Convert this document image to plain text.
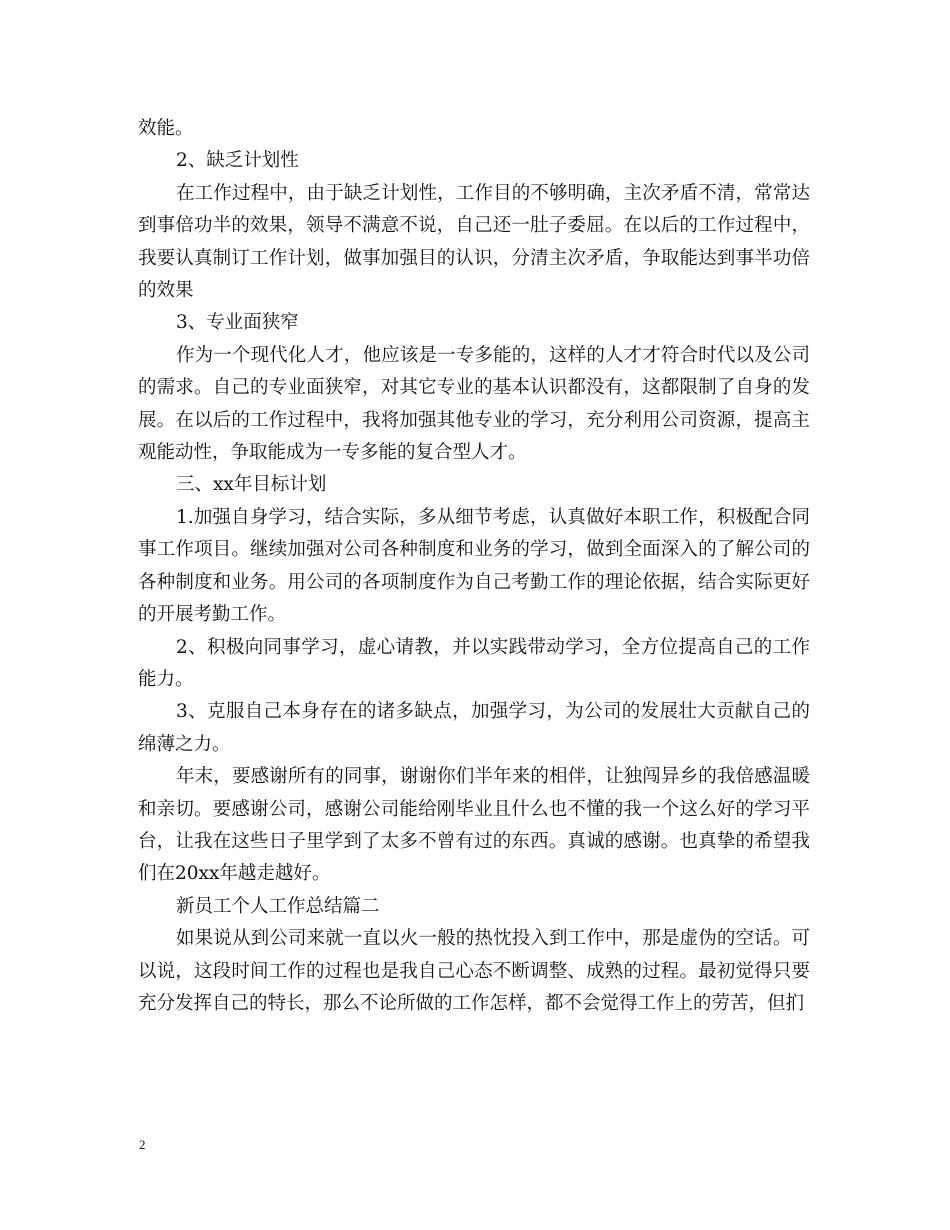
效能。

2、缺乏计划性

在工作过程中，由于缺乏计划性，工作目的不够明确，主次矛盾不清，常常达到事倍功半的效果，领导不满意不说，自己还一肚子委屈。在以后的工作过程中，我要认真制订工作计划，做事加强目的认识，分清主次矛盾，争取能达到事半功倍的效果

3、专业面狭窄

作为一个现代化人才，他应该是一专多能的，这样的人才才符合时代以及公司的需求。自己的专业面狭窄，对其它专业的基本认识都没有，这都限制了自身的发展。在以后的工作过程中，我将加强其他专业的学习，充分利用公司资源，提高主观能动性，争取能成为一专多能的复合型人才。

三、xx年目标计划

1.加强自身学习，结合实际，多从细节考虑，认真做好本职工作，积极配合同事工作项目。继续加强对公司各种制度和业务的学习，做到全面深入的了解公司的各种制度和业务。用公司的各项制度作为自己考勤工作的理论依据，结合实际更好的开展考勤工作。

2、积极向同事学习，虚心请教，并以实践带动学习，全方位提高自己的工作能力。

3、克服自己本身存在的诸多缺点，加强学习，为公司的发展壮大贡献自己的绵薄之力。

年末，要感谢所有的同事，谢谢你们半年来的相伴，让独闯异乡的我倍感温暖和亲切。要感谢公司，感谢公司能给刚毕业且什么也不懂的我一个这么好的学习平台，让我在这些日子里学到了太多不曾有过的东西。真诚的感谢。也真挚的希望我们在20xx年越走越好。

新员工个人工作总结篇二

如果说从到公司来就一直以火一般的热忱投入到工作中，那是虚伪的空话。可以说，这段时间工作的过程也是我自己心态不断调整、成熟的过程。最初觉得只要充分发挥自己的特长，那么不论所做的工作怎样，都不会觉得工作上的劳苦，但扪

2
